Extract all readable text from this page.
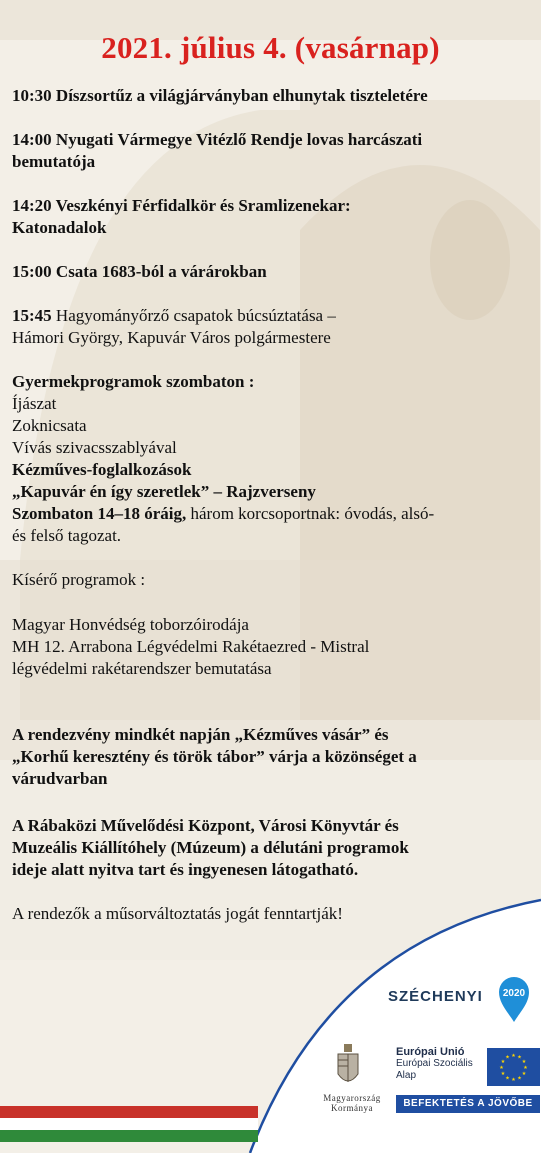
2021. július 4. (vasárnap)
10:30 Díszsortűz a világjárványban elhunytak tiszteletére
14:00 Nyugati Vármegye Vitézlő Rendje lovas harcászati
bemutatója
14:20 Veszkényi Férfidalkör és Sramlizenekar:
Katonadalok
15:00 Csata 1683-ból a várárokban
15:45 Hagyományőrző csapatok búcsúztatása –
Hámori György, Kapuvár Város polgármestere
Gyermekprogramok szombaton :
Íjászat
Zoknicsata
Vívás szivacsszablyával
Kézműves-foglalkozások
„Kapuvár én így szeretlek” – Rajzverseny
Szombaton 14–18 óráig, három korcsoportnak: óvodás, alsó-
és felső tagozat.
Kísérő programok :
Magyar Honvédség toborzóirodája
MH 12. Arrabona Légvédelmi Rakétaezred - Mistral
légvédelmi rakétarendszer bemutatása
A rendezvény mindkét napján „Kézműves vásár” és
„Korhű keresztény és török tábor” várja a közönséget a
várudvarban
A Rábaközi Művelődési Központ, Városi Könyvtár és
Muzeális Kiállítóhely (Múzeum) a délutáni programok
ideje alatt nyitva tart és ingyenesen látogatható.
A rendezők a műsorváltoztatás jogát fenntartják!
SZÉCHENYI 2020
Magyarország
Kormánya
Európai Unió
Európai Szociális
Alap
★ ★
★
★
★
★
★
★
★
★
★
★
BEFEKTETÉS A JÖVŐBE
